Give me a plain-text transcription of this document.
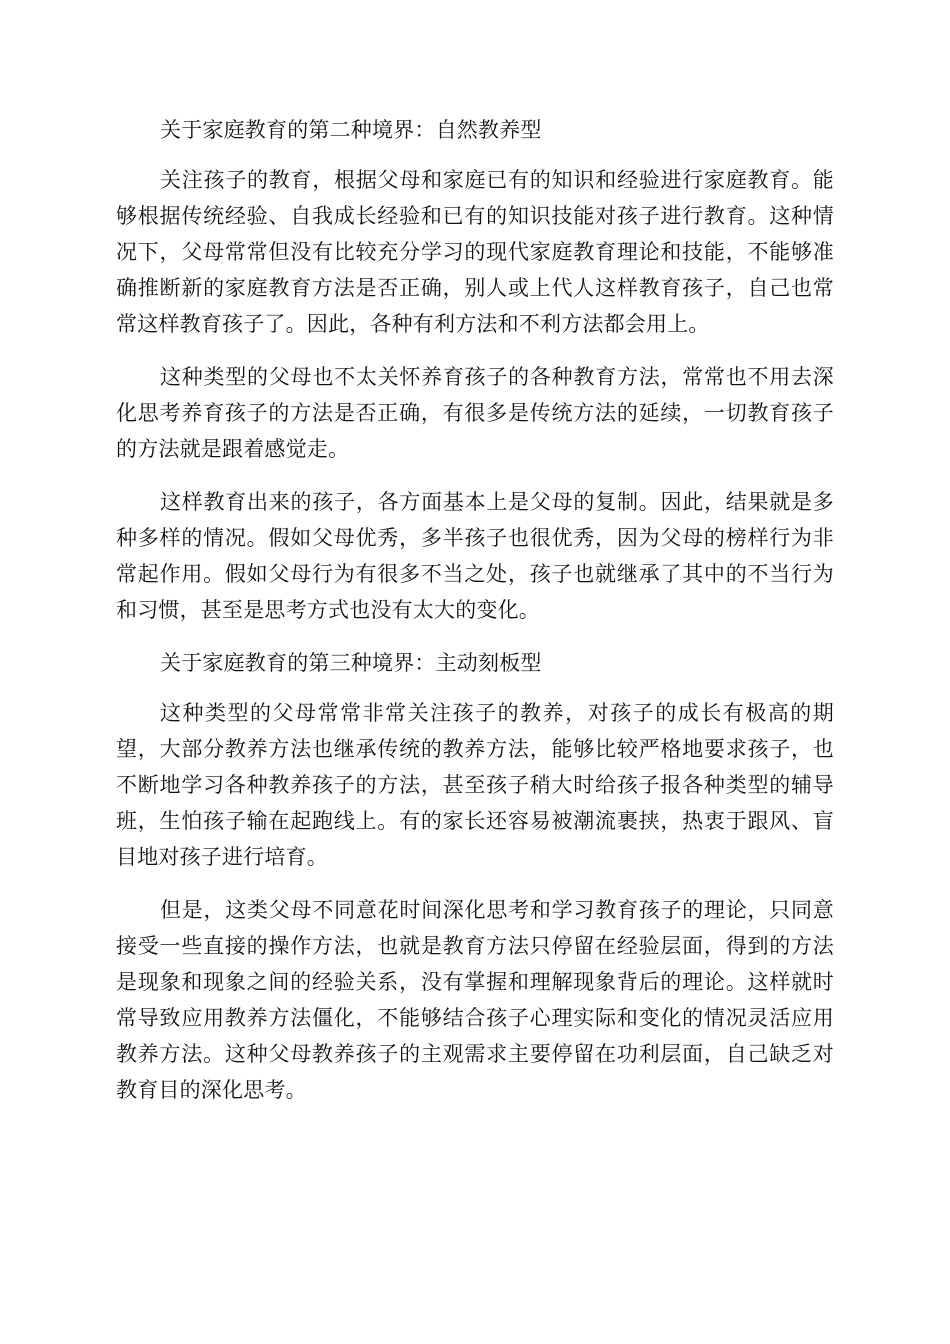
关于家庭教育的第二种境界：自然教养型

关注孩子的教育，根据父母和家庭已有的知识和经验进行家庭教育。能够根据传统经验、自我成长经验和已有的知识技能对孩子进行教育。这种情况下，父母常常但没有比较充分学习的现代家庭教育理论和技能，不能够准确推断新的家庭教育方法是否正确，别人或上代人这样教育孩子，自己也常常这样教育孩子了。因此，各种有利方法和不利方法都会用上。

这种类型的父母也不太关怀养育孩子的各种教育方法，常常也不用去深化思考养育孩子的方法是否正确，有很多是传统方法的延续，一切教育孩子的方法就是跟着感觉走。

这样教育出来的孩子，各方面基本上是父母的复制。因此，结果就是多种多样的情况。假如父母优秀，多半孩子也很优秀，因为父母的榜样行为非常起作用。假如父母行为有很多不当之处，孩子也就继承了其中的不当行为和习惯，甚至是思考方式也没有太大的变化。

关于家庭教育的第三种境界：主动刻板型

这种类型的父母常常非常关注孩子的教养，对孩子的成长有极高的期望，大部分教养方法也继承传统的教养方法，能够比较严格地要求孩子，也不断地学习各种教养孩子的方法，甚至孩子稍大时给孩子报各种类型的辅导班，生怕孩子输在起跑线上。有的家长还容易被潮流裹挟，热衷于跟风、盲目地对孩子进行培育。

但是，这类父母不同意花时间深化思考和学习教育孩子的理论，只同意接受一些直接的操作方法，也就是教育方法只停留在经验层面，得到的方法是现象和现象之间的经验关系，没有掌握和理解现象背后的理论。这样就时常导致应用教养方法僵化，不能够结合孩子心理实际和变化的情况灵活应用教养方法。这种父母教养孩子的主观需求主要停留在功利层面，自己缺乏对教育目的深化思考。
